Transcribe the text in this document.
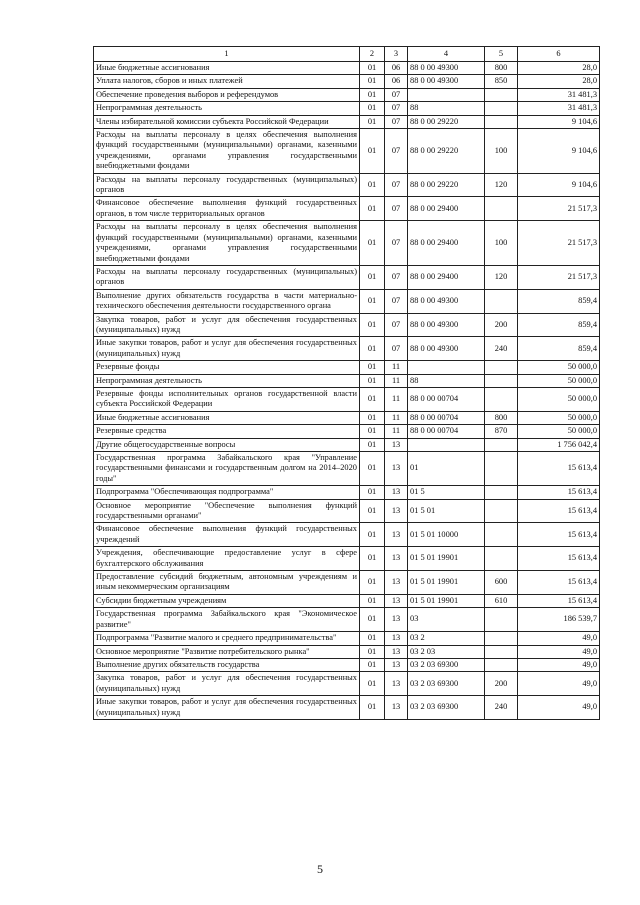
1	2	3	4	5	6
Иные бюджетные ассигнования	01	06	88 0 00 49300	800	28,0
Уплата налогов, сборов и иных платежей	01	06	88 0 00 49300	850	28,0
Обеспечение проведения выборов и референдумов	01	07			31 481,3
Непрограммная деятельность	01	07	88		31 481,3
Члены избирательной комиссии субъекта Российской Федерации	01	07	88 0 00 29220		9 104,6
Расходы на выплаты персоналу в целях обеспечения выполнения функций государственными (муниципальными) органами, казенными учреждениями, органами управления государственными внебюджетными фондами	01	07	88 0 00 29220	100	9 104,6
Расходы на выплаты персоналу государственных (муниципальных) органов	01	07	88 0 00 29220	120	9 104,6
Финансовое обеспечение выполнения функций государственных органов, в том числе территориальных органов	01	07	88 0 00 29400		21 517,3
Расходы на выплаты персоналу в целях обеспечения выполнения функций государственными (муниципальными) органами, казенными учреждениями, органами управления государственными внебюджетными фондами	01	07	88 0 00 29400	100	21 517,3
Расходы на выплаты персоналу государственных (муниципальных) органов	01	07	88 0 00 29400	120	21 517,3
Выполнение других обязательств государства в части материально-технического обеспечения деятельности государственного органа	01	07	88 0 00 49300		859,4
Закупка товаров, работ и услуг для обеспечения государственных (муниципальных) нужд	01	07	88 0 00 49300	200	859,4
Иные закупки товаров, работ и услуг для обеспечения государственных (муниципальных) нужд	01	07	88 0 00 49300	240	859,4
Резервные фонды	01	11			50 000,0
Непрограммная деятельность	01	11	88		50 000,0
Резервные фонды исполнительных органов государственной власти субъекта Российской Федерации	01	11	88 0 00 00704		50 000,0
Иные бюджетные ассигнования	01	11	88 0 00 00704	800	50 000,0
Резервные средства	01	11	88 0 00 00704	870	50 000,0
Другие общегосударственные вопросы	01	13			1 756 042,4
Государственная программа Забайкальского края "Управление государственными финансами и государственным долгом на 2014–2020 годы"	01	13	01		15 613,4
Подпрограмма "Обеспечивающая подпрограмма"	01	13	01 5		15 613,4
Основное мероприятие "Обеспечение выполнения функций государственными органами"	01	13	01 5 01		15 613,4
Финансовое обеспечение выполнения функций государственных учреждений	01	13	01 5 01 10000		15 613,4
Учреждения, обеспечивающие предоставление услуг в сфере бухгалтерского обслуживания	01	13	01 5 01 19901		15 613,4
Предоставление субсидий бюджетным, автономным учреждениям и иным некоммерческим организациям	01	13	01 5 01 19901	600	15 613,4
Субсидии бюджетным учреждениям	01	13	01 5 01 19901	610	15 613,4
Государственная программа Забайкальского края "Экономическое развитие"	01	13	03		186 539,7
Подпрограмма "Развитие малого и среднего предпринимательства"	01	13	03 2		49,0
Основное мероприятие "Развитие потребительского рынка"	01	13	03 2 03		49,0
Выполнение других обязательств государства	01	13	03 2 03 69300		49,0
Закупка товаров, работ и услуг для обеспечения государственных (муниципальных) нужд	01	13	03 2 03 69300	200	49,0
Иные закупки товаров, работ и услуг для обеспечения государственных (муниципальных) нужд	01	13	03 2 03 69300	240	49,0
5
